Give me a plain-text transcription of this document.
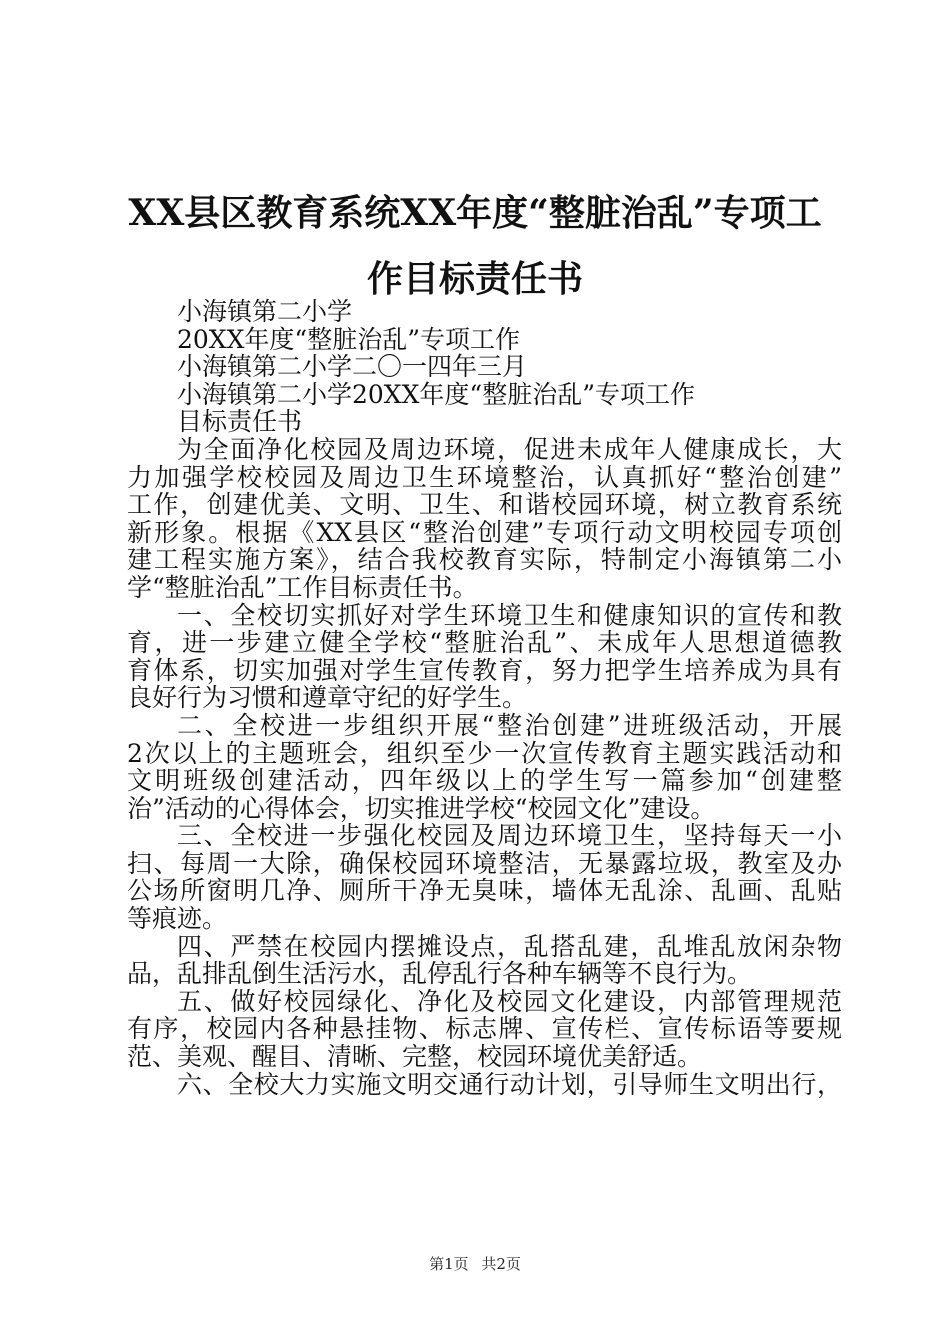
XX县区教育系统XX年度“整脏治乱”专项工
作目标责任书

小海镇第二小学

20XX年度“整脏治乱”专项工作

小海镇第二小学二〇一四年三月

小海镇第二小学20XX年度“整脏治乱”专项工作

目标责任书

为全面净化校园及周边环境，促进未成年人健康成长，大

力加强学校校园及周边卫生环境整治，认真抓好“整治创建”

工作，创建优美、文明、卫生、和谐校园环境，树立教育系统

新形象。根据《XX县区“整治创建”专项行动文明校园专项创

建工程实施方案》，结合我校教育实际，特制定小海镇第二小

学“整脏治乱”工作目标责任书。

一、全校切实抓好对学生环境卫生和健康知识的宣传和教

育，进一步建立健全学校“整脏治乱”、未成年人思想道德教

育体系，切实加强对学生宣传教育，努力把学生培养成为具有

良好行为习惯和遵章守纪的好学生。

二、全校进一步组织开展“整治创建”进班级活动，开展

2次以上的主题班会，组织至少一次宣传教育主题实践活动和

文明班级创建活动，四年级以上的学生写一篇参加“创建整

治”活动的心得体会，切实推进学校“校园文化”建设。

三、全校进一步强化校园及周边环境卫生，坚持每天一小

扫、每周一大除，确保校园环境整洁，无暴露垃圾，教室及办

公场所窗明几净、厕所干净无臭味，墙体无乱涂、乱画、乱贴

等痕迹。

四、严禁在校园内摆摊设点，乱搭乱建，乱堆乱放闲杂物

品，乱排乱倒生活污水，乱停乱行各种车辆等不良行为。

五、做好校园绿化、净化及校园文化建设，内部管理规范

有序，校园内各种悬挂物、标志牌、宣传栏、宣传标语等要规

范、美观、醒目、清晰、完整，校园环境优美舒适。

六、全校大力实施文明交通行动计划，引导师生文明出行，

第1页 共2页
